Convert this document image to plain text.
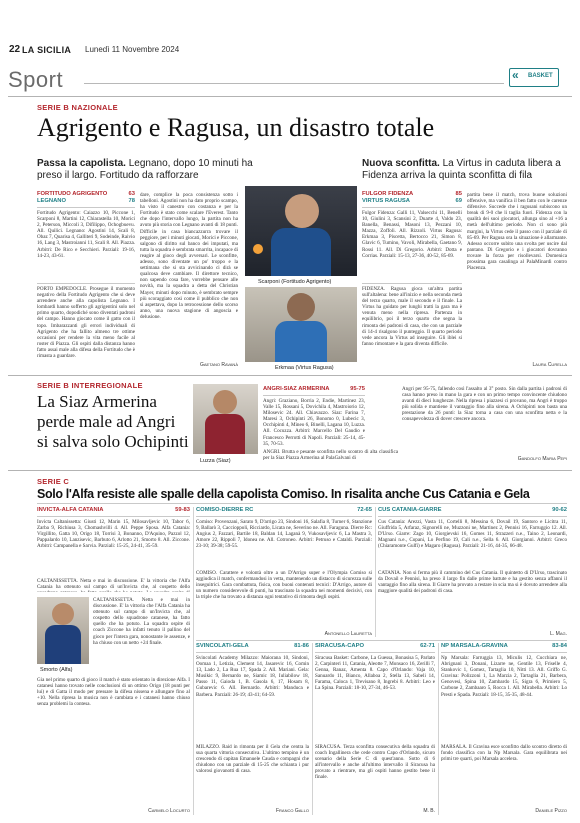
22 LA SICILIA Lunedì 11 Novembre 2024
Sport	« BASKET
SERIE B NAZIONALE
Agrigento e Ragusa, un disastro totale
Passa la capolista. Legnano, dopo 10 minuti ha preso il largo. Fortitudo da rafforzare
Nuova sconfitta. La Virtus in caduta libera a Fidenza arriva la quinta sconfitta di fila
FORTITUDO AGRIGENTO	63
LEGNANO	78
Fortitudo Agrigento: Caiazzo 10, Piccone 1, Scarponi 8, Martini 12, Chiarastella 10, Morici 2, Peterson, Miccoli 3, Difilippo, Ochogbuevu. All. Quilici. Legnano: Agostini 14, Scali 8, Obaz 7, Quarisa 4, Galliteri 9, Sodeinde, Raivio 16, Lang 3, Mastroianni 11, Scali 8. All. Piazza. Arbitri: De Rico e Secchieri. Parziali: 19-16, 14-23, 43-61.
PORTO EMPEDOCLE. Prosegue il momento negativo della Fortitudo Agrigento che si deve arrendere anche alla capolista Legnano. I lombardi hanno sofferto gli agrigentini solo nel primo quarto, dopodiché sono diventati padroni del campo. Hanno giocato come il gatto con il topo. Imbarazzanti gli errori individuali di Agrigento che ha fallito almeno tre ottime occasioni per rendere la vita meno facile al roster di Piazza. Gli ospiti dalla distanza hanno fatto assai male alla difesa della Fortitudo che è rimasta a guardare.
dare, complice la poca consistenza sotto i tabelloni. Agostini non ha dato proprio scampo, ha visto il canestro con costanza e per la Fortitudo è stato come scalare l'Everest. Tanto che dopo l'intervallo lungo, la partita non ha avuto più storia con Legnano avanti di 18 punti. Difficile in casa biancazzurra trovare il peggiore, per i minuti giocati, Morici e Piccone, salgono di diritto sul banco dei imputati, ma tutta la squadra è sembrata smarrita, incapace di reagire al gioco degli avversari. Le sconfitte, adesso, sono diventate un po' troppo e la settimana che si sta avvicinando ci dirà se qualcosa deve cambiare. Il direttore tecnico, non sapendo cosa fare, vorrebbe pensare alle novità, ma la squadra a detta del Christian Mayer, minuti dopo minuto, è sembrato sempre più scoraggiato così come il pubblico che non si aspettava, dopo la retrocessione dello scorso anno, una nuova stagione di angoscia e delusione.
Gaetano Ravanà
Scarponi (Fortitudo Agrigento)
Erkmaa (Virtus Ragusa)
FULGOR FIDENZA	85
VIRTUS RAGUSA	69
Fulgor Fidenza: Galli 11, Valsecchi 11, Benelli 10, Giulini 3, Scansini 2, Duarte 4, Valdo 23, Banella, Benassi, Masoni 13, Pezzani 10, Mazza, Zoffoli. All. Rizzoli. Virtus Ragusa: Erkmaa 3, Piscetta, Bertocco 21, Simon 8, Glavic 6, Tumino, Vavoli, Mirabella, Gaetano 9, Rossi 11. All. Di Gregorio. Arbitri: Dotta e Corrias. Parziali: 15-13, 27-36, 40-52, 85-69.
FIDENZA. Ragusa gioca un'altra partita sull'altalena: bene all'inizio e nella seconda metà del terzo quarto, male il secondo e il finale. La Virtus ha guidato per lunghi tratti la gara ma è venuta meno nella ripresa. Partenza in equilibrio, poi il terzo quarto che segna la rimonta dei padroni di casa, che con un parziale di 14-4 risalgono il punteggio. Il quarto periodo vede ancora la Virtus ad inseguire. Gli iblei si fanno rimontare e la gara diventa difficile.
partita bene il match, trova buone soluzioni offensive, ma vanifica il ben fatto con le carenze difensive. Succede che i ragusani subiscono un break di 9-0 che li taglia fuori. Fidenza con la qualità dei suoi giocatori, allunga sino al +16 a metà dell'ultimo periodo. Non ci sono più margini, la Virtus cede il passo con il parziale di 85-69. Per Ragusa ora la situazione è allarmante. Adesso occorre subito una svolta per uscire dal pantano. Di Gregorio e i giocatori dovranno trovare la forza per risollevarsi. Domenica prossima gara casalinga al PalaMinardi contro Piacenza.
Laura Curella
SERIE B INTERREGIONALE
La Siaz Armerina
perde male ad Angri
si salva solo Ochipinti
Luzza (Siaz)
ANGRI-SIAZ ARMERINA	95-75
Angri: Graziano, Borria 2, Endie, Martinez 23, Valle 15, Rossani 5, Dovichila 4, Mastroiorio 12, Milosevic 24. All. Chiavazzo. Siaz: Farina 7, Maresi 3, Ochipinti 26, Bonomo 0, Lubecic 3, Occhipinti 4, Mineo 6, Binelli, Lagana 10, Luzza. All. Cocuzza. Arbitri: Marcello Del Gaudio e Francesco Perrotti di Napoli. Parziali: 25-14, 45-35, 70-53.
ANGRI. Brutta e pesante sconfitta nello scontro di alta classifica per la Siaz Piazza Armerina al PalaGalvani di
Angri per 95-75, fallendo così l'assalto al 3° posto. Sin dalla partita i padroni di casa hanno preso in mano la gara e con un primo tempo convincente chiudono avanti di dieci lunghezze. Nella ripresa i piazzesi ci provano, ma Angri è troppo più solida e mantiene il vantaggio fino alla sirena. A Ochipinti non basta una prestazione da 26 punti: la Siaz torna a casa con una sconfitta netta e la consapevolezza di dover crescere ancora.
Gandolfo Maria Pepi
SERIE C
Solo l'Alfa resiste alle spalle della capolista Comiso. In risalita anche Cus Catania e Gela
INVICTA-ALFA CATANIA	59-83
Invicta Caltanissetta: Giusti 12, Marin 15, Milosavljevic 10, Tabor 6, Zarba 9, Richiusa 3, Chomashvilli 4. All. Peppe Sposa. Alfa Catania: Virgillito, Gatta 10, Origo 18, Torrisi 3, Bonanno, D'Aquino, Pazzol 12, Pappalardo 10, Lanzisevic, Barbuto 6, Arlotto 21, Smorto 8. All. Ziccone. Arbitri: Campanella e Sarvia. Parziali: 15-25, 24-41, 35-59.
CALTANISSETTA. Netta e mai in discussione. E' la vittoria che l'Alfa Catania ha ottenuto sul campo di un'Invicta che, al cospetto dello
CALTANISSETTA. Netta e mai in discussione. E' la vittoria che l'Alfa Catania ha ottenuto sul campo di un'Invicta che, al cospetto dello squadrone catanese, ha fatto quello che ha potuto. La squadra ospite di coach Ziccone ha infatti tenuto il pallino del gioco per l'intera gara, nonostante le assenze, e ha chiuso con un netto +24 finale.
Smorto (Alfa)
Gia nel primo quarto di gioco il match è stato orientato in direzione Alfa. I catanesi hanno trovato nelle conclusioni di un ottimo Origo (18 punti per lui) e di Gatta il modo per pressare la difesa nissena e allungare fino al +10. Nella ripresa la musica non è cambiata e i catanesi hanno chiuso senza problemi la contesa.
Carmelo Locurto
COMISO-DIERRE RC	72-65
Comiso: Provenzani, Sarato 9, D'arrigo 23, Sindoni 16, Salafia 8, Turner 6, Stanzione 9, Ballarò 3, Caccioppoli, Ricciardo, Licata ne, Severino ne. All. Faraguna. Dierre Rc: Angius 2, Fazzari, Bartile 18, Baldan 14, Laganà 9, Vukosavljevic 6, La Mastra 3, Amore 22, Rippoli 7, Idonea ne. All. Cotroneo. Arbitri: Petruso e Cataldi. Parziali: 23-10; 39-38; 59-55.
COMISO. Carattere e volontà oltre a un D'Arrigo super e l'Olympia Comiso si aggiudica il match, confermandosi in vetta, mantenendo un distacco di sicurezza sulle inseguitrici. Gara combattuta, fisica, con buoni contenuti tecnici: D'Arrigo, autore di un numero considerevole di punti, ha trascinato la squadra nei momenti decisivi, con la triple che ha trovato a distanza ogni tentativo di rimonta degli ospiti.
Antonello Lauretta
CUS CATANIA-GIARRE	90-62
Cus Catania: Arezzi, Vasta 11, Cortelli 8, Messina 6, Dovail 19, Santoro e Licitra 11, Giuffrida 5, Arfaraz, Signorelli ne, Muzzoni ne, Martinez 2, Pennisi 16, Farruggio 12. All. D'Urso. Giarre: Zago 10, Giorgievski 16, Gomes 11, Strazzeri n.e., Taino 2, Leonardi, Magnani n.e., Copani, Lo Perfino 19, Cali n.e., Sella 6. All. Giorgianni. Arbitri: Greco (Chiaramonte Gulfi) e Magaro (Ragusa). Parziali: 21-16, 44-35, 66-48.
CATANIA. Non si ferma più il cammino del Cus Catania. Il quintetto di D'Urso, trascinato da Dovail e Pennisi, ha preso il largo fin dalle prime battute e ha gestito senza affanni il vantaggio fino alla sirena. Il Giarre ha provato a restare in scia ma si è dovuto arrendere alla maggiore qualità dei padroni di casa.
L. Mag.
SVINCOLATI-GELA	81-86
Svincolati Academy Milazzo: Maiorana 10, Sindoni, Oomaa 1, Letizia, Clement 14, Jasarevic 16, Comin 13, Lado 2, La Rua 17, Spada 2. All. Mariani. Gela: Musikic 9, Bernardo ne, Siamic 18, Iuliabilow 18, Passo 11, Gaioda 1, B. Gasola 6, 17, Hosam 8, Gubarevic 6. All. Bernardo. Arbitri: Manduca e Barbera. Parziali: 26-19; 43-41; 64-59.
MILAZZO. Raid in rimonta per il Gela che centra la sua quarta vittoria consecutiva. L'ultimo tempino è un crescendo di capitan Emanuele Cauda e compagni che chiudono con un parziale di 15-25 che schianta i pur valorosi giovanotti di casa.
Franco Gallo
SIRACUSA-CAPO	62-71
Siracusa Basket: Carbone, La Guessa, Bonasisa 5, Parlato 2, Carpinteri 11, Catania, Aleotte 7, Monsaco 16, Zerilli 7, Genna, Ranaz, Amenta 8. Capo d'Orlando: Vaja 10, Sanuardo 11, Bianco, Allaboa 2, Stella 13, Sabeli 14, Farama, Caloca 1, Trevisano 8, Ingrebi 8. Arbitri: Leo e La Spina. Parziali: 18-10, 27-34, 46-53.
SIRACUSA. Terza sconfitta consecutiva della squadra di coach Ingallinera che cede contro Capo d'Orlando, sicuro scenario della Serie C di quest'anno. Sotto di 6 all'intervallo e anche all'ultimo intervallo il Siracusa ha provato a rientrare, ma gli ospiti hanno gestito bene il finale.
M. B.
NP MARSALA-GRAVINA	83-84
Np Marsala: Farruggia 13, Miculis 12, Cucchiara ne, Abrignani 3, Donani, Lizarre ne, Gentile 13, Friselle 4, Stankovic 1, Gomez, Tartaglia 10, Nitti 13. All. Griffo G. Gravina: Polizzoni 1, La Marzia 2, Tartaglia 21, Barbera, Genovesi, Spina 10, Zambardo 15, Sigra 6, Primiero 5, Carbone 2, Zambaaro 5, Rocca 1. All. Mirabella. Arbitri: Lo Presti e Spada. Parziali: 18-15, 35-35, 48-44.
MARSALA. Il Gravina esce sconfitto dallo scontro diretto di fondo classifica con la Np Marsala. Gara equilibrata nei primi tre quarti, poi Marsala accelera.
Daniele Pizzo
